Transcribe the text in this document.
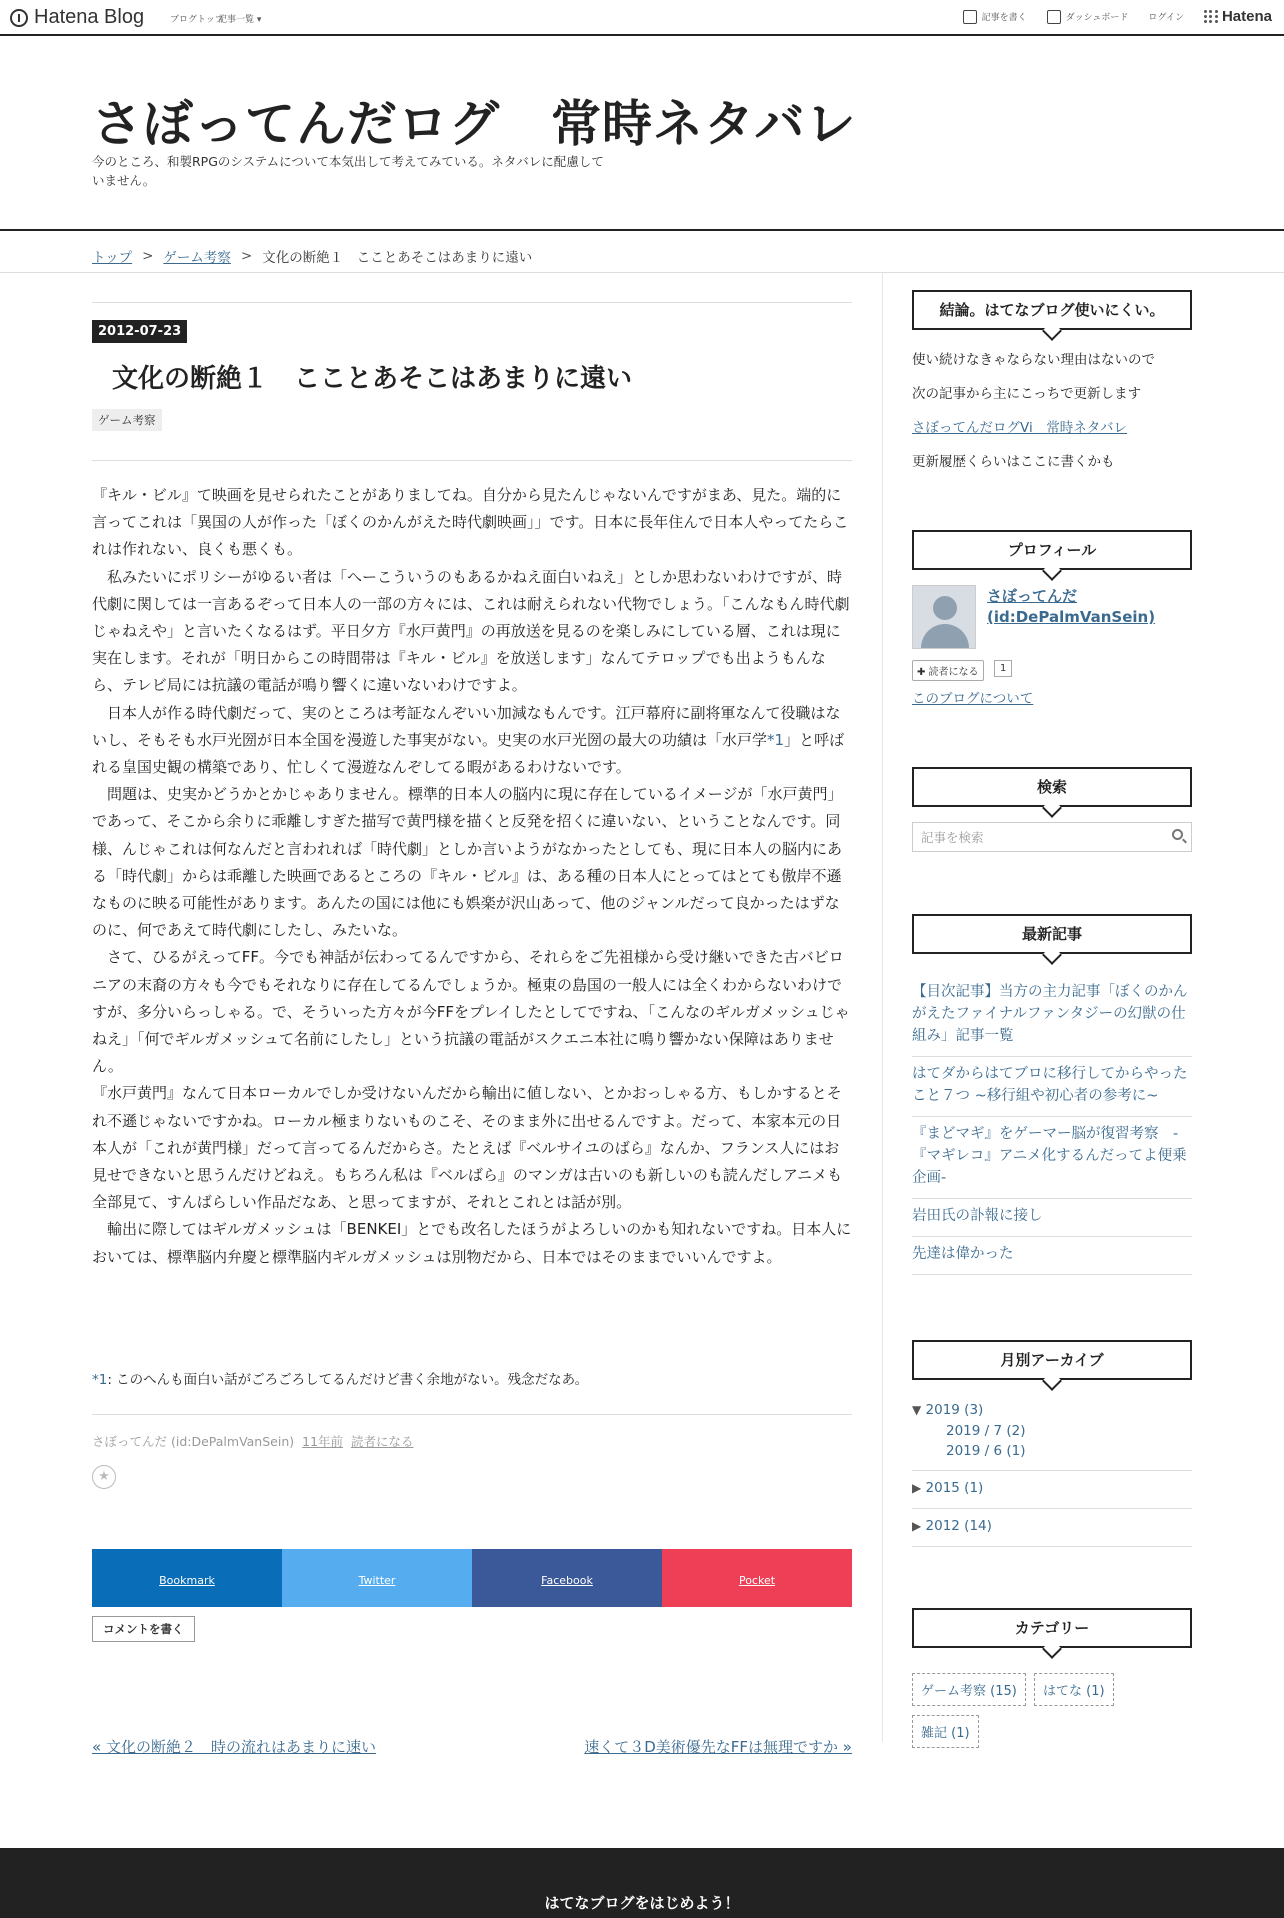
Hatena Blog	ブログトップ
記事一覧 ▾	記事を書く	ダッシュボード ログイン	Hatena
さぼってんだログ　常時ネタバレ
今のところ、和製RPGのシステムについて本気出して考えてみている。ネタバレに配慮していません。
トップ > ゲーム考察 > 文化の断絶１　こことあそこはあまりに遠い
2012-07-23
文化の断絶１　こことあそこはあまりに遠い
ゲーム考察

『キル・ビル』て映画を見せられたことがありましてね。自分から見たんじゃないんですがまあ、見た。端的に言ってこれは「異国の人が作った「ぼくのかんがえた時代劇映画」」です。日本に長年住んで日本人やってたらこれは作れない、良くも悪くも。

　私みたいにポリシーがゆるい者は「へーこういうのもあるかねえ面白いねえ」としか思わないわけですが、時代劇に関しては一言あるぞって日本人の一部の方々には、これは耐えられない代物でしょう。「こんなもん時代劇じゃねえや」と言いたくなるはず。平日夕方『水戸黄門』の再放送を見るのを楽しみにしている層、これは現に実在します。それが「明日からこの時間帯は『キル・ビル』を放送します」なんてテロップでも出ようもんなら、テレビ局には抗議の電話が鳴り響くに違いないわけですよ。

　日本人が作る時代劇だって、実のところは考証なんぞいい加減なもんです。江戸幕府に副将軍なんて役職はないし、そもそも水戸光圀が日本全国を漫遊した事実がない。史実の水戸光圀の最大の功績は「水戸学*1」と呼ばれる皇国史観の構築であり、忙しくて漫遊なんぞしてる暇があるわけないです。

　問題は、史実かどうかとかじゃありません。標準的日本人の脳内に現に存在しているイメージが「水戸黄門」であって、そこから余りに乖離しすぎた描写で黄門様を描くと反発を招くに違いない、ということなんです。同様、んじゃこれは何なんだと言われれば「時代劇」としか言いようがなかったとしても、現に日本人の脳内にある「時代劇」からは乖離した映画であるところの『キル・ビル』は、ある種の日本人にとってはとても傲岸不遜なものに映る可能性があります。あんたの国には他にも娯楽が沢山あって、他のジャンルだって良かったはずなのに、何であえて時代劇にしたし、みたいな。

　さて、ひるがえってFF。今でも神話が伝わってるんですから、それらをご先祖様から受け継いできた古バビロニアの末裔の方々も今でもそれなりに存在してるんでしょうか。極東の島国の一般人には全くわからないわけですが、多分いらっしゃる。で、そういった方々が今FFをプレイしたとしてですね、「こんなのギルガメッシュじゃねえ」「何でギルガメッシュて名前にしたし」という抗議の電話がスクエニ本社に鳴り響かない保障はありません。

『水戸黄門』なんて日本ローカルでしか受けないんだから輸出に値しない、とかおっしゃる方、もしかするとそれ不遜じゃないですかね。ローカル極まりないものこそ、そのまま外に出せるんですよ。だって、本家本元の日本人が「これが黄門様」だって言ってるんだからさ。たとえば『ベルサイユのばら』なんか、フランス人にはお見せできないと思うんだけどねえ。もちろん私は『ベルばら』のマンガは古いのも新しいのも読んだしアニメも全部見て、すんばらしい作品だなあ、と思ってますが、それとこれとは話が別。

　輸出に際してはギルガメッシュは「BENKEI」とでも改名したほうがよろしいのかも知れないですね。日本人においては、標準脳内弁慶と標準脳内ギルガメッシュは別物だから、日本ではそのままでいいんですよ。

*1: このへんも面白い話がごろごろしてるんだけど書く余地がない。残念だなあ。
さぼってんだ (id:DePalmVanSein) 11年前 読者になる
★
Bookmark	Twitter	Facebook	Pocket
コメントを書く
« 文化の断絶２　時の流れはあまりに速い	速くて３D美術優先なFFは無理ですか »
結論。はてなブログ使いにくい。
使い続けなきゃならない理由はないので
次の記事から主にこっちで更新します
さぼってんだログVi　常時ネタバレ
更新履歴くらいはここに書くかも
プロフィール
さぼってんだ
(id:DePalmVanSein)
✚ 読者になる	1
このブログについて
検索
記事を検索
最新記事
【目次記事】当方の主力記事「ぼくのかんがえたファイナルファンタジーの幻獣の仕組み」記事一覧
はてダからはてブロに移行してからやったこと７つ ~移行組や初心者の参考に~
『まどマギ』をゲーマー脳が復習考察　-『マギレコ』アニメ化するんだってよ便乗企画-
岩田氏の訃報に接し
先達は偉かった
月別アーカイブ
▼ 2019 (3)
2019 / 7 (2)
2019 / 6 (1)
▶ 2015 (1)
▶ 2012 (14)
カテゴリー
ゲーム考察 (15)	はてな (1)
雑記 (1)
はてなブログをはじめよう！
